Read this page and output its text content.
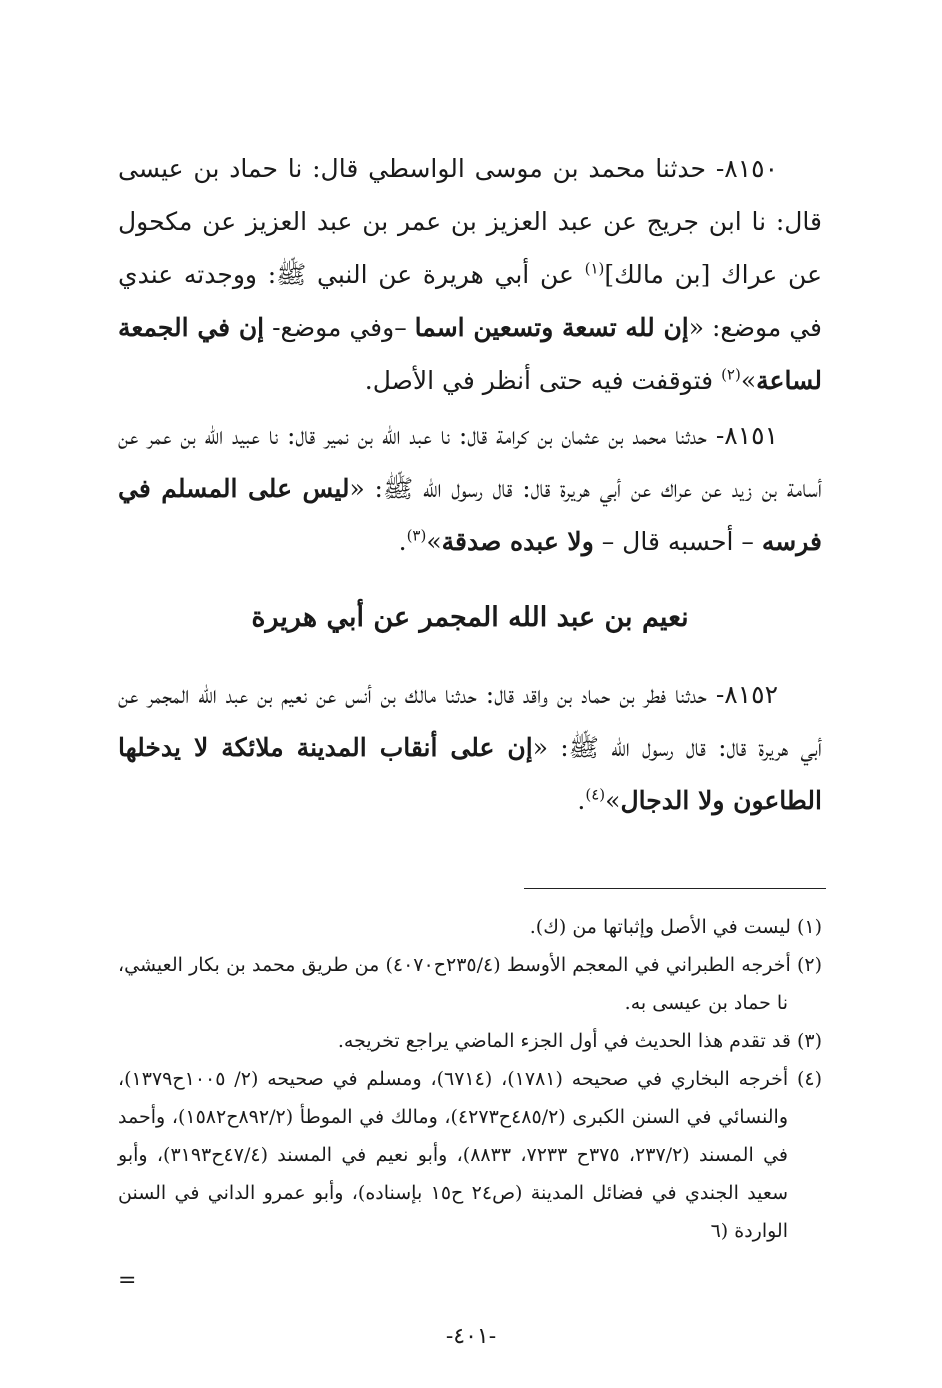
٨١٥٠- حدثنا محمد بن موسى الواسطي قال: نا حماد بن عيسى قال: نا ابن جريج عن عبد العزيز بن عمر بن عبد العزيز عن مكحول عن عراك [بن مالك]$^{(١)}$ عن أبي هريرة عن النبي ﷺ: ووجدته عندي في موضع: «إن لله تسعة وتسعين اسما –وفي موضع- إن في الجمعة لساعة»$^{(٢)}$ فتوقفت فيه حتى أنظر في الأصل.

٨١٥١- حدثنا محمد بن عثمان بن كرامة قال: نا عبد الله بن نمير قال: نا عبيد الله بن عمر عن أسامة بن زيد عن عراك عن أبي هريرة قال: قال رسول الله ﷺ: «ليس على المسلم في فرسه – أحسبه قال – ولا عبده صدقة»$^{(٣)}$.

نعيم بن عبد الله المجمر عن أبي هريرة

٨١٥٢- حدثنا فطر بن حماد بن واقد قال: حدثنا مالك بن أنس عن نعيم بن عبد الله المجمر عن أبي هريرة قال: قال رسول الله ﷺ: «إن على أنقاب المدينة ملائكة لا يدخلها الطاعون ولا الدجال»$^{(٤)}$.

(١) ليست في الأصل وإثباتها من (ك).

(٢) أخرجه الطبراني في المعجم الأوسط (٢٣٥/٤ح٤٠٧٠) من طريق محمد بن بكار العيشي، نا حماد بن عيسى به.

(٣) قد تقدم هذا الحديث في أول الجزء الماضي يراجع تخريجه.

(٤) أخرجه البخاري في صحيحه (١٧٨١)، (٦٧١٤)، ومسلم في صحيحه (٢/ ١٠٠٥ح١٣٧٩)، والنسائي في السنن الكبرى (٤٨٥/٢ح٤٢٧٣)، ومالك في الموطأ (٨٩٢/٢ح١٥٨٢)، وأحمد في المسند (٢٣٧/٢، ٣٧٥ح ٧٢٣٣، ٨٨٣٣)، وأبو نعيم في المسند (٤٧/٤ح٣١٩٣)، وأبو سعيد الجندي في فضائل المدينة (ص٢٤ ح١٥ بإسناده)، وأبو عمرو الداني في السنن الواردة (٦

=
-٤٠١-
